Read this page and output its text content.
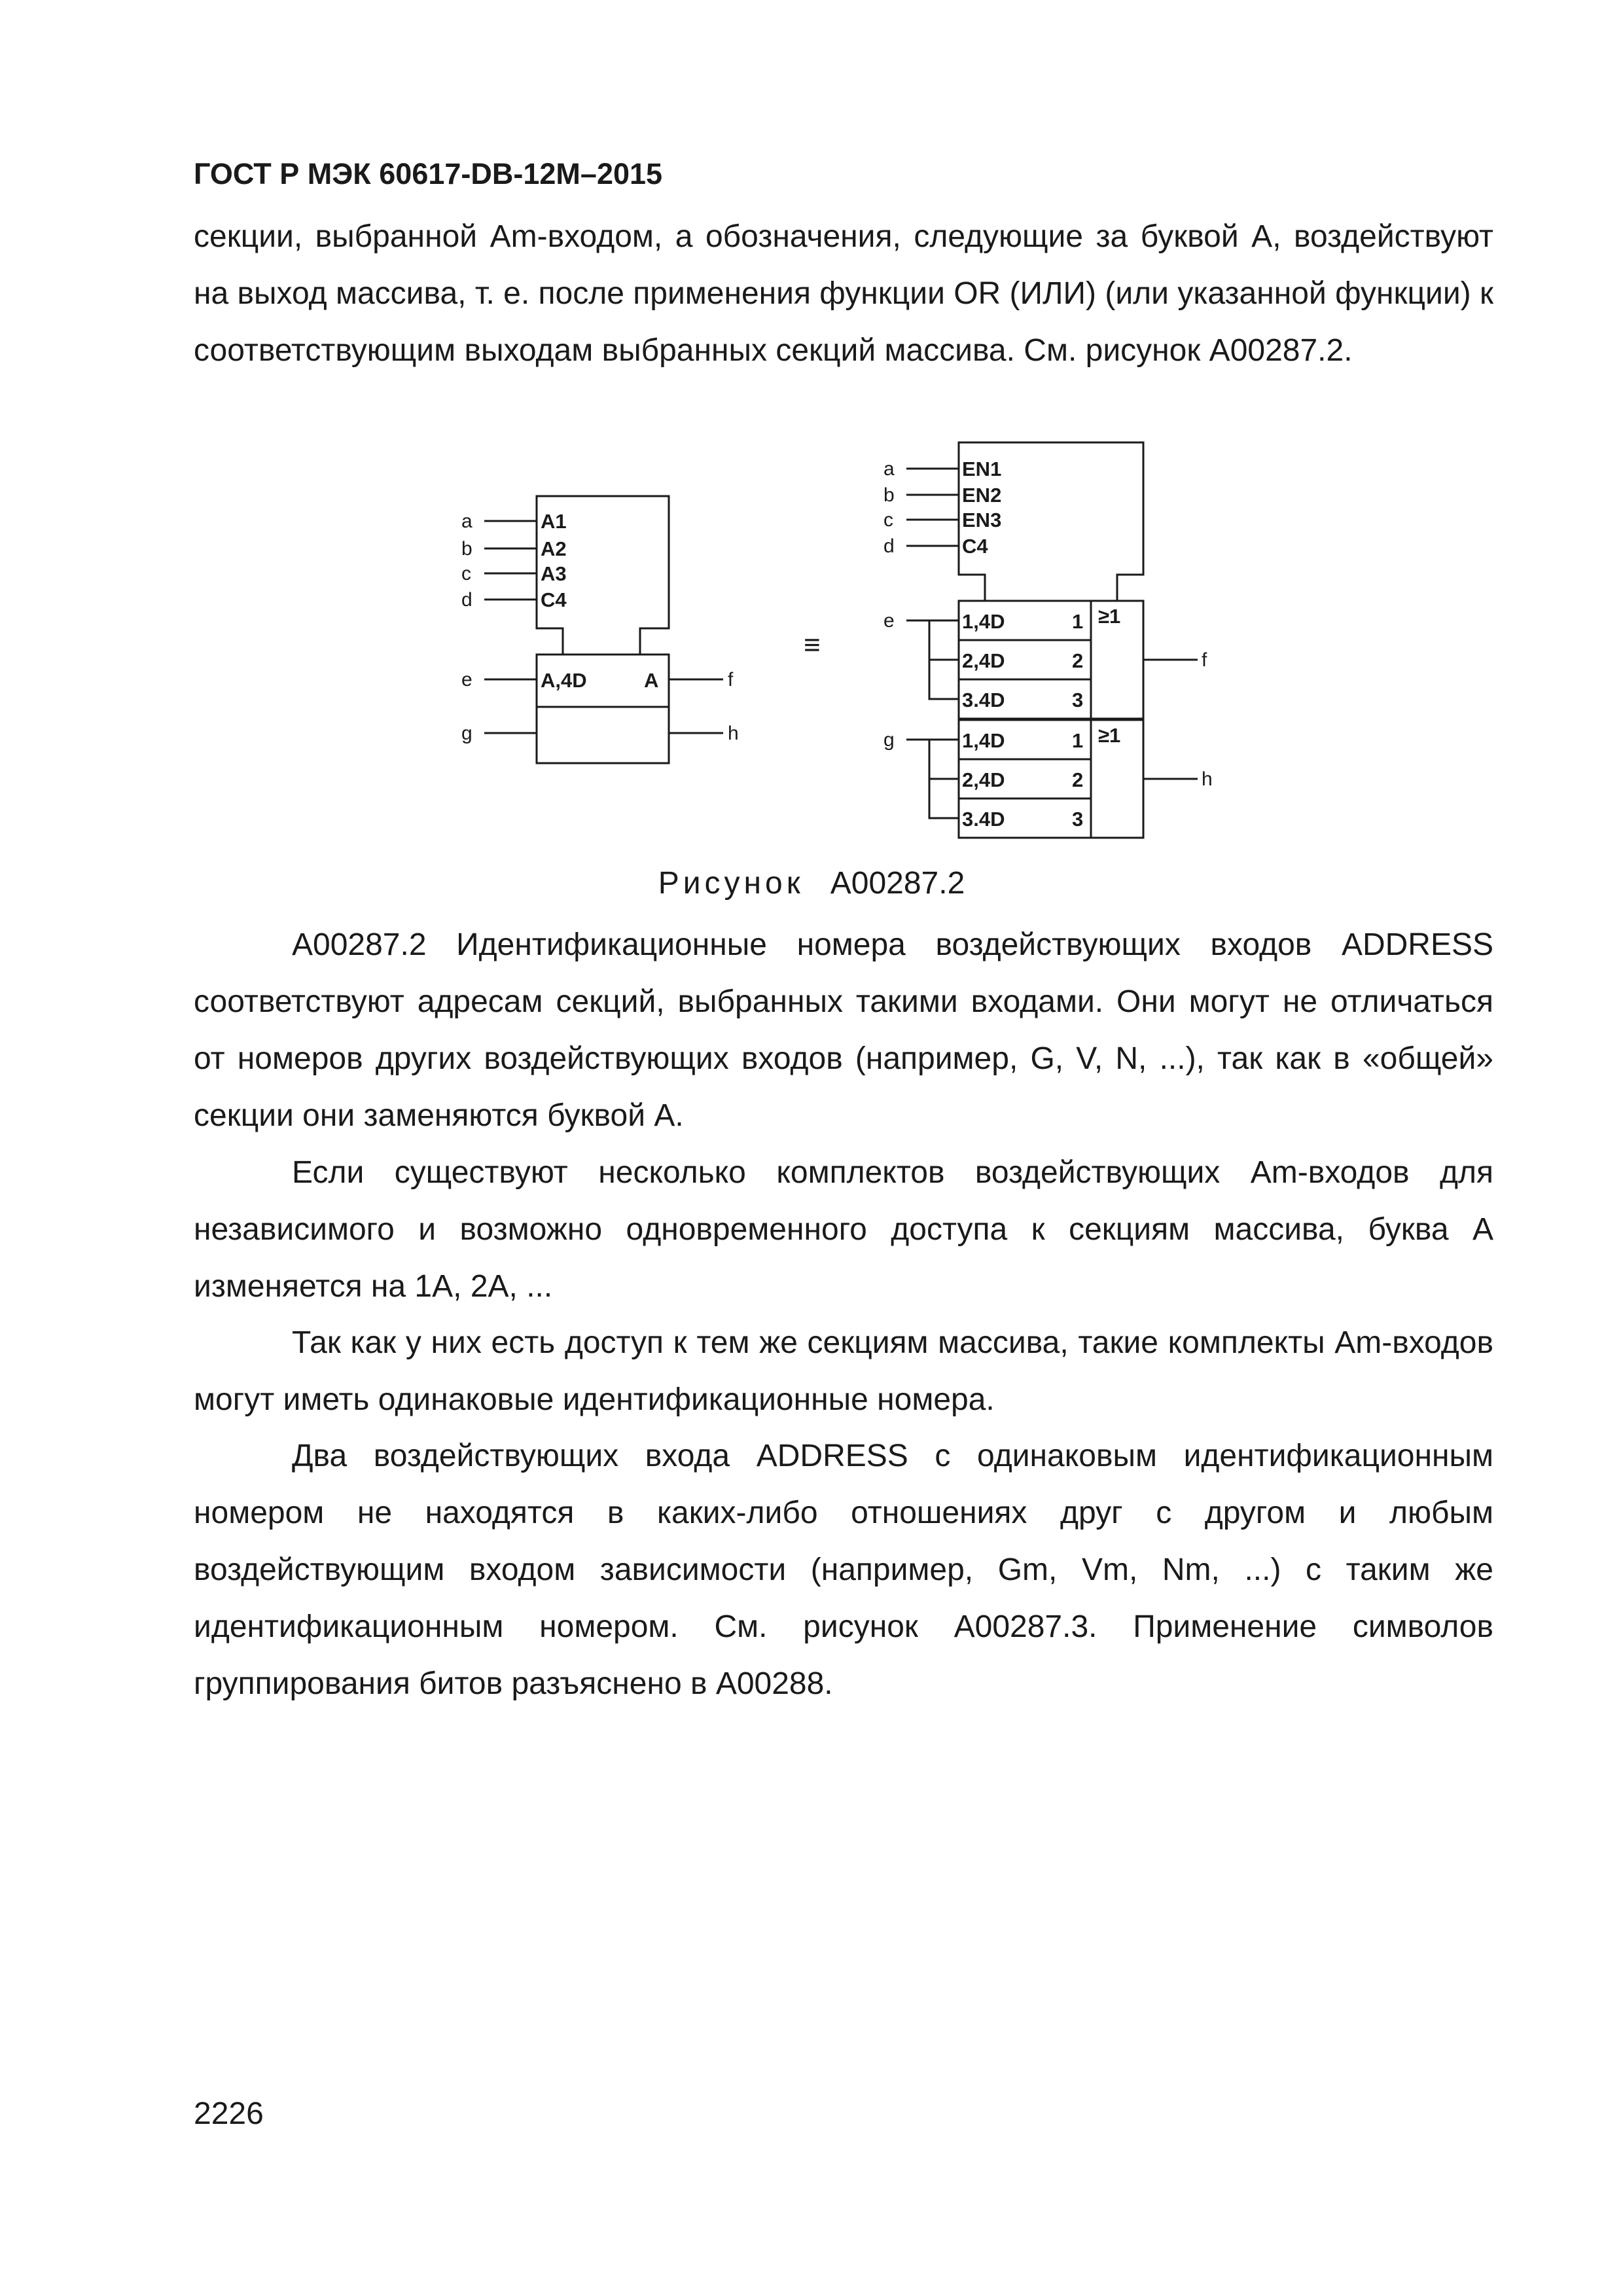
ГОСТ Р МЭК 60617-DB-12M–2015

секции, выбранной Am-входом, а обозначения, следующие за буквой A, воздействуют на выход массива, т. е. после применения функции OR (ИЛИ) (или указанной функции) к соответствующим выходам выбранных секций массива. См. рисунок A00287.2.

a
b
c
d
A1
A2
A3
C4
A,4D	A
e
g
f
h
≡
a
b
c
d
EN1
EN2
EN3
C4
e
g
f
h
≥1
≥1
1,4D	1
2,4D	2
3.4D	3
1,4D	1
2,4D	2
3.4D	3
Рисунок A00287.2

A00287.2 Идентификационные номера воздействующих входов ADDRESS соответствуют адресам секций, выбранных такими входами. Они могут не отличаться от номеров других воздействующих входов (например, G, V, N, ...), так как в «общей» секции они заменяются буквой A.

Если существуют несколько комплектов воздействующих Am-входов для независимого и возможно одновременного доступа к секциям массива, буква A изменяется на 1A, 2A, ...

Так как у них есть доступ к тем же секциям массива, такие комплекты Am-входов могут иметь одинаковые идентификационные номера.

Два воздействующих входа ADDRESS с одинаковым идентификационным номером не находятся в каких-либо отношениях друг с другом и любым воздействующим входом зависимости (например, Gm, Vm, Nm, ...) с таким же идентификационным номером. См. рисунок A00287.3. Применение символов группирования битов разъяснено в A00288.

2226
